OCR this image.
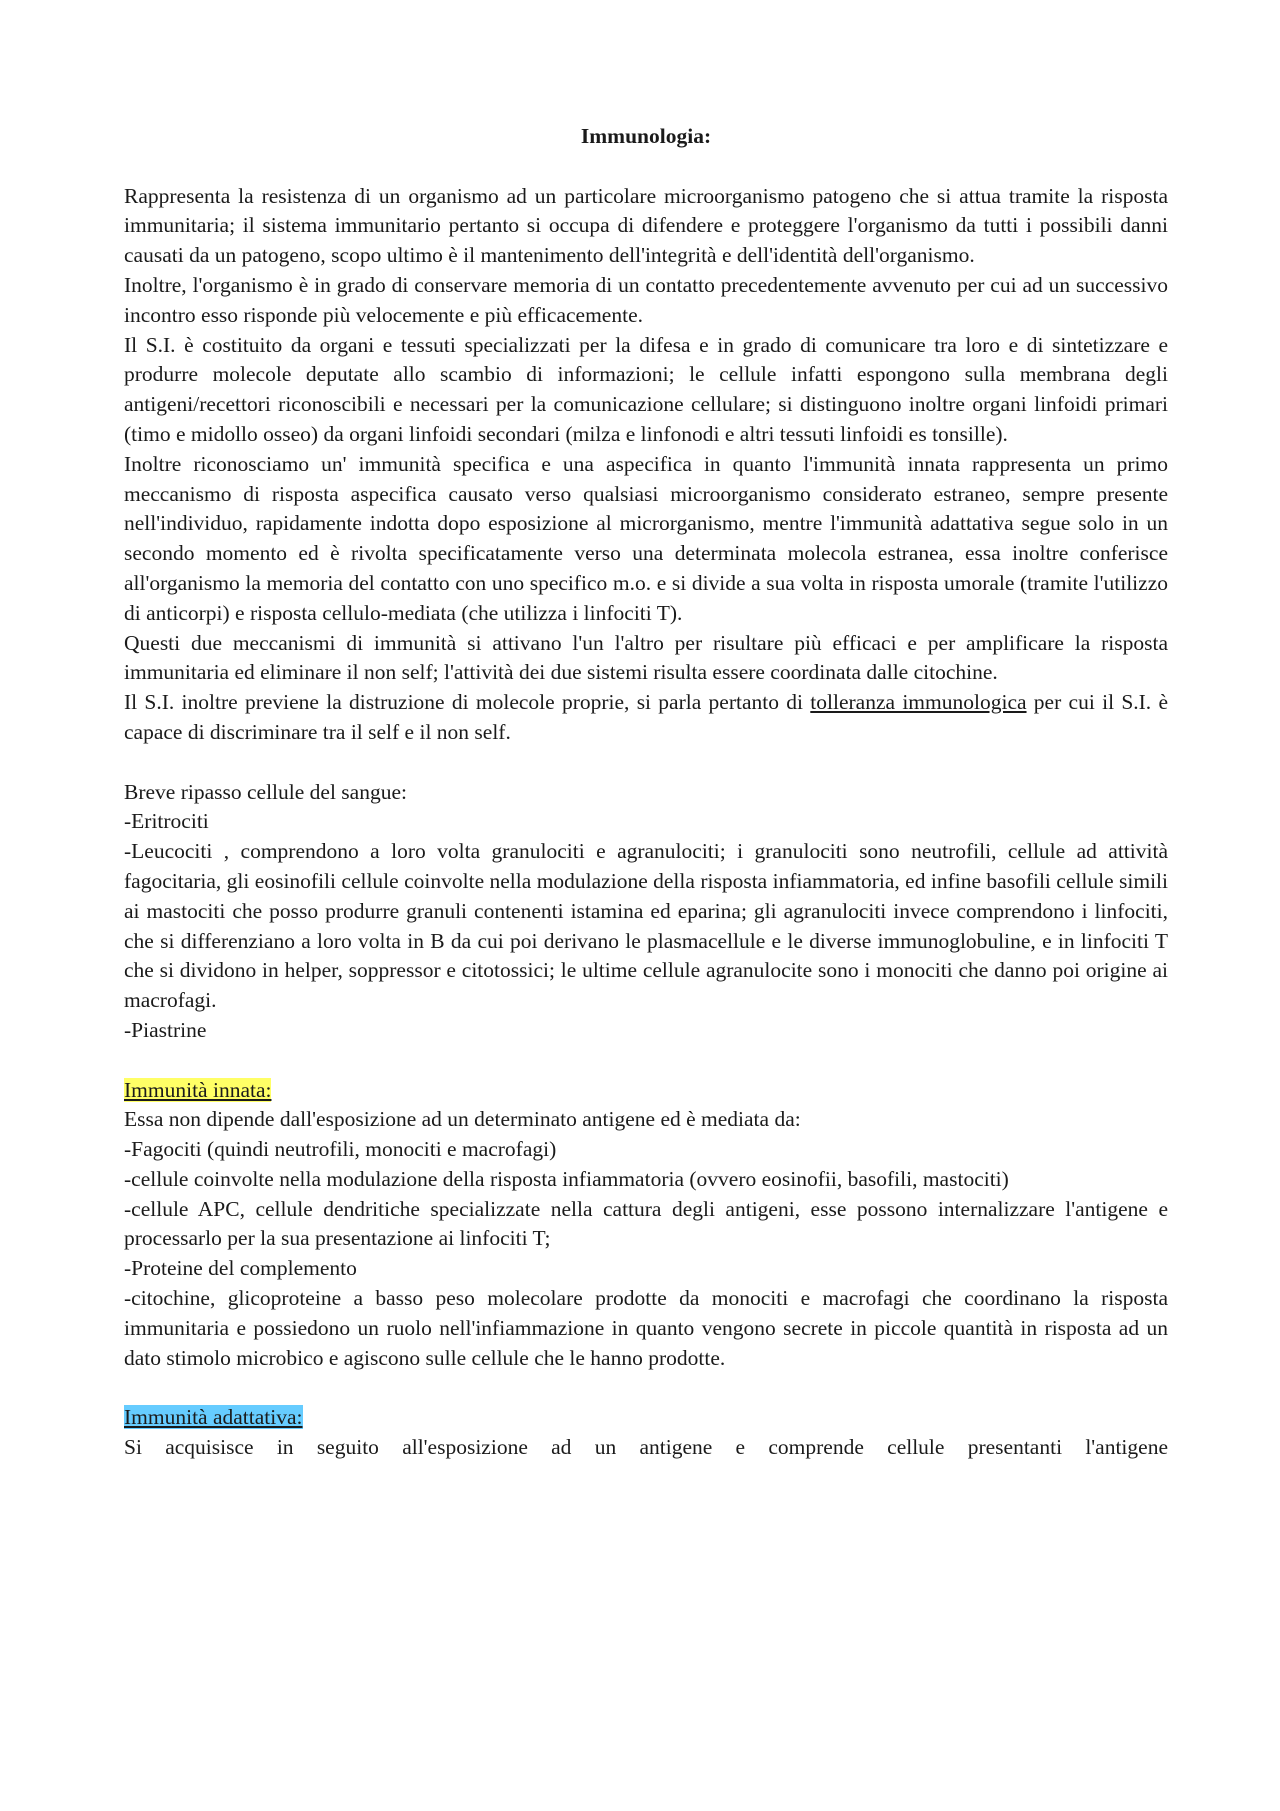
Immunologia:

Rappresenta la resistenza di un organismo ad un particolare microorganismo patogeno che si attua tramite la risposta immunitaria; il sistema immunitario pertanto si occupa di difendere e proteggere l'organismo da tutti i possibili danni causati da un patogeno, scopo ultimo è il mantenimento dell'integrità e dell'identità dell'organismo.

Inoltre, l'organismo è in grado di conservare memoria di un contatto precedentemente avvenuto per cui ad un successivo incontro esso risponde più velocemente e più efficacemente.

Il S.I. è costituito da organi e tessuti specializzati per la difesa e in grado di comunicare tra loro e di sintetizzare e produrre molecole deputate allo scambio di informazioni; le cellule infatti espongono sulla membrana degli antigeni/recettori riconoscibili e necessari per la comunicazione cellulare; si distinguono inoltre organi linfoidi primari (timo e midollo osseo) da organi linfoidi secondari (milza e linfonodi e altri tessuti linfoidi es tonsille).

Inoltre riconosciamo un' immunità specifica e una aspecifica in quanto l'immunità innata rappresenta un primo meccanismo di risposta aspecifica causato verso qualsiasi microorganismo considerato estraneo, sempre presente nell'individuo, rapidamente indotta dopo esposizione al microrganismo, mentre l'immunità adattativa segue solo in un secondo momento ed è rivolta specificatamente verso una determinata molecola estranea, essa inoltre conferisce all'organismo la memoria del contatto con uno specifico m.o. e si divide a sua volta in risposta umorale (tramite l'utilizzo di anticorpi) e risposta cellulo-mediata (che utilizza i linfociti T).

Questi due meccanismi di immunità si attivano l'un l'altro per risultare più efficaci e per amplificare la risposta immunitaria ed eliminare il non self; l'attività dei due sistemi risulta essere coordinata dalle citochine.

Il S.I. inoltre previene la distruzione di molecole proprie, si parla pertanto di tolleranza immunologica per cui il S.I. è capace di discriminare tra il self e il non self.

Breve ripasso cellule del sangue:

-Eritrociti

-Leucociti , comprendono a loro volta granulociti e agranulociti; i granulociti sono neutrofili, cellule ad attività fagocitaria, gli eosinofili cellule coinvolte nella modulazione della risposta infiammatoria, ed infine basofili cellule simili ai mastociti che posso produrre granuli contenenti istamina ed eparina; gli agranulociti invece comprendono i linfociti, che si differenziano a loro volta in B da cui poi derivano le plasmacellule e le diverse immunoglobuline, e in linfociti T che si dividono in helper, soppressor e citotossici; le ultime cellule agranulocite sono i monociti che danno poi origine ai macrofagi.

-Piastrine

Immunità innata:

Essa non dipende dall'esposizione ad un determinato antigene ed è mediata da:

-Fagociti (quindi neutrofili, monociti e macrofagi)

-cellule coinvolte nella modulazione della risposta infiammatoria (ovvero eosinofii, basofili, mastociti)

-cellule APC, cellule dendritiche specializzate nella cattura degli antigeni, esse possono internalizzare l'antigene e processarlo per la sua presentazione ai linfociti T;

-Proteine del complemento

-citochine, glicoproteine a basso peso molecolare prodotte da monociti e macrofagi che coordinano la risposta immunitaria e possiedono un ruolo nell'infiammazione in quanto vengono secrete in piccole quantità in risposta ad un dato stimolo microbico e agiscono sulle cellule che le hanno prodotte.

Immunità adattativa:

Si acquisisce in seguito all'esposizione ad un antigene e comprende cellule presentanti l'antigene
